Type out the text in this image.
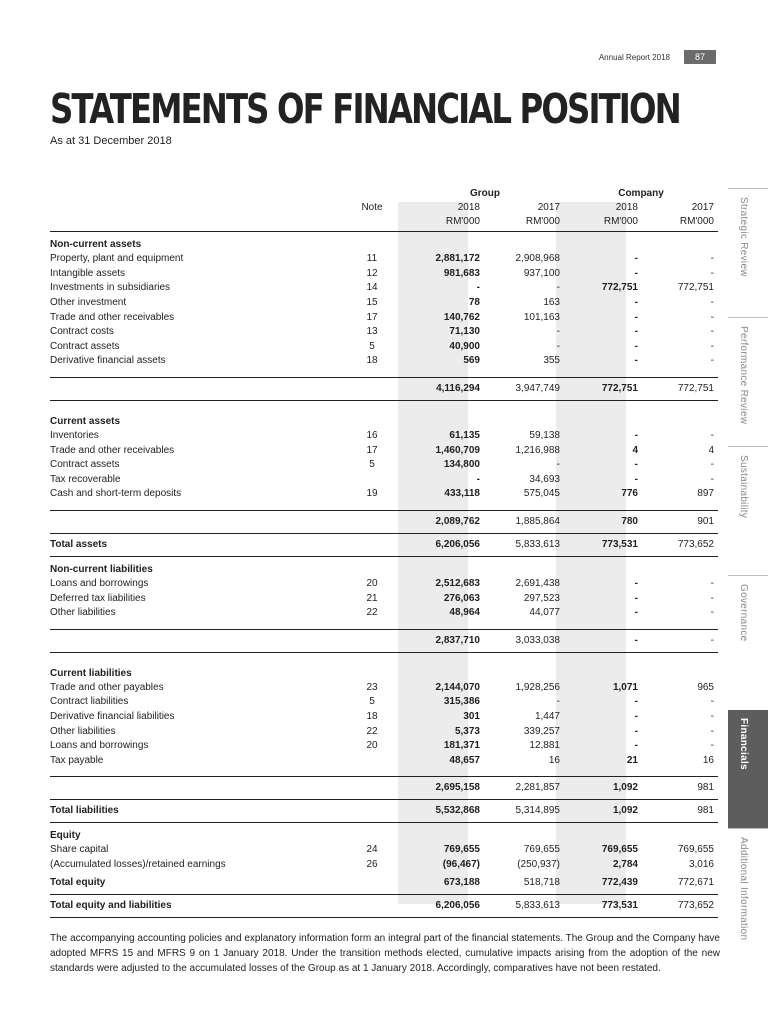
Annual Report 2018	87
STATEMENTS OF FINANCIAL POSITION
As at 31 December 2018
		Group		Company	
	Note	2018	2017	2018	2017
		RM'000	RM'000	RM'000	RM'000
Non-current assets					
Property, plant and equipment	11	2,881,172	2,908,968	-	-
Intangible assets	12	981,683	937,100	-	-
Investments in subsidiaries	14	-	-	772,751	772,751
Other investment	15	78	163	-	-
Trade and other receivables	17	140,762	101,163	-	-
Contract costs	13	71,130	-	-	-
Contract assets	5	40,900	-	-	-
Derivative financial assets	18	569	355	-	-

		4,116,294	3,947,749	772,751	772,751

Current assets					
Inventories	16	61,135	59,138	-	-
Trade and other receivables	17	1,460,709	1,216,988	4	4
Contract assets	5	134,800	-	-	-
Tax recoverable		-	34,693	-	-
Cash and short-term deposits	19	433,118	575,045	776	897

		2,089,762	1,885,864	780	901
Total assets		6,206,056	5,833,613	773,531	773,652
Non-current liabilities					
Loans and borrowings	20	2,512,683	2,691,438	-	-
Deferred tax liabilities	21	276,063	297,523	-	-
Other liabilities	22	48,964	44,077	-	-

		2,837,710	3,033,038	-	-

Current liabilities					
Trade and other payables	23	2,144,070	1,928,256	1,071	965
Contract liabilities	5	315,386	-	-	-
Derivative financial liabilities	18	301	1,447	-	-
Other liabilities	22	5,373	339,257	-	-
Loans and borrowings	20	181,371	12,881	-	-
Tax payable		48,657	16	21	16

		2,695,158	2,281,857	1,092	981
Total liabilities		5,532,868	5,314,895	1,092	981
Equity					
Share capital	24	769,655	769,655	769,655	769,655
(Accumulated losses)/retained earnings	26	(96,467)	(250,937)	2,784	3,016
Total equity		673,188	518,718	772,439	772,671
Total equity and liabilities		6,206,056	5,833,613	773,531	773,652
The accompanying accounting policies and explanatory information form an integral part of the financial statements. The Group and the Company have adopted MFRS 15 and MFRS 9 on 1 January 2018. Under the transition methods elected, cumulative impacts arising from the adoption of the new standards were adjusted to the accumulated losses of the Group as at 1 January 2018. Accordingly, comparatives have not been restated.
Strategic Review
Performance Review
Sustainability
Governance
Financials
Additional Information
